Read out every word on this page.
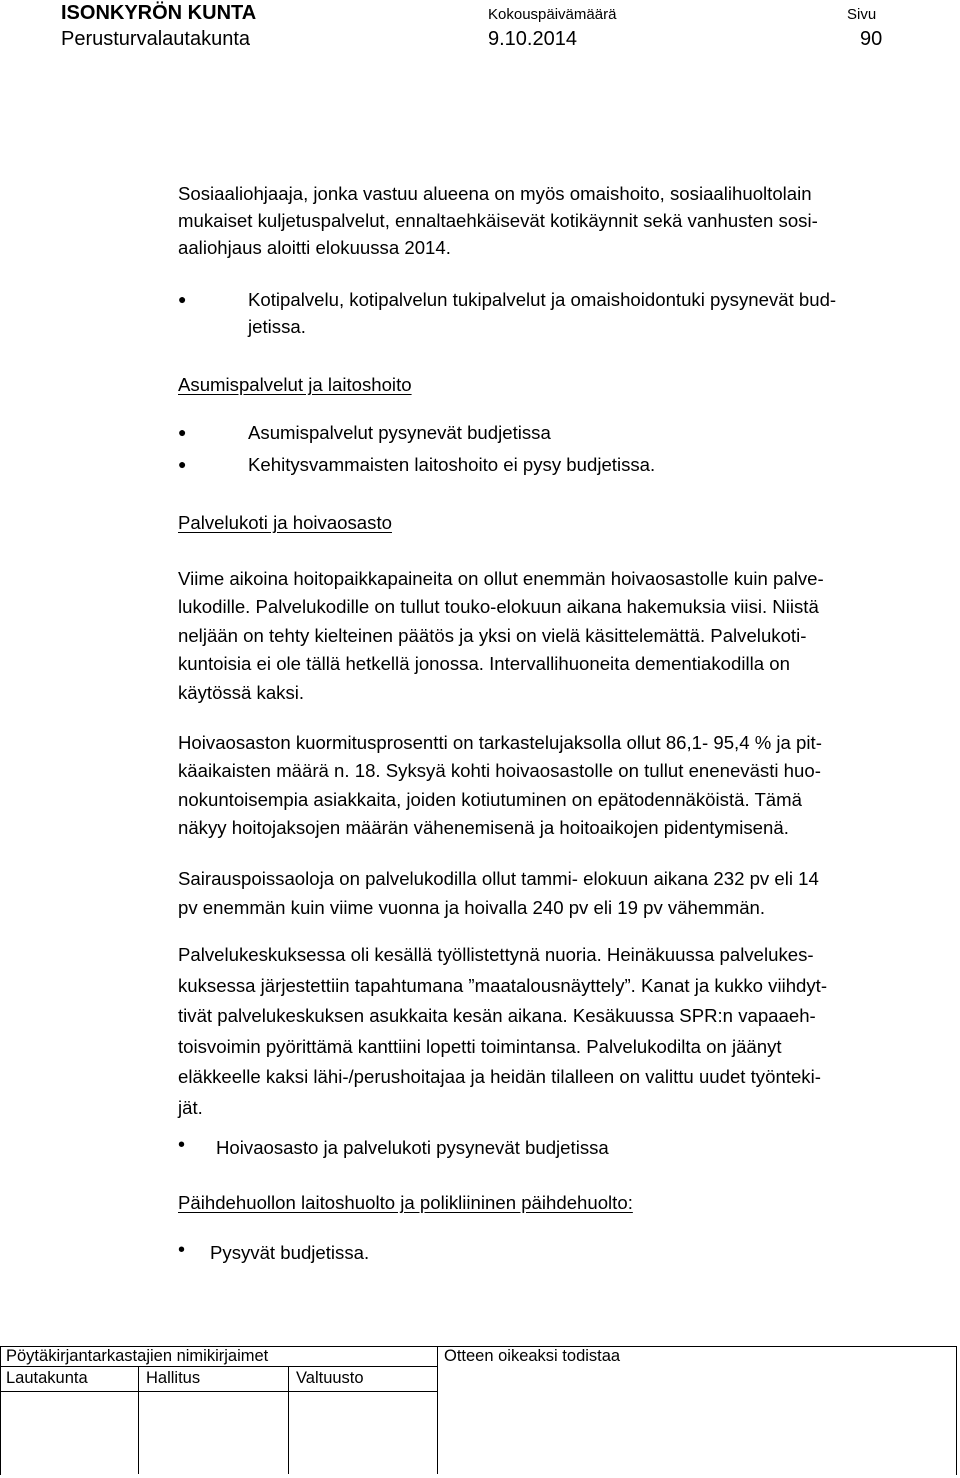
ISONKYRÖN KUNTA
Perusturvalautakunta
Kokouspäivämäärä
9.10.2014
Sivu
90
Sosiaaliohjaaja, jonka vastuu alueena on myös omaishoito, sosiaalihuoltolain
mukaiset kuljetuspalvelut, ennaltaehkäisevät kotikäynnit sekä vanhusten sosi-
aaliohjaus aloitti elokuussa 2014.
●	Kotipalvelu, kotipalvelun tukipalvelut ja omaishoidontuki pysynevät bud-
jetissa.
Asumispalvelut ja laitoshoito
●	Asumispalvelut pysynevät budjetissa
●	Kehitysvammaisten laitoshoito ei pysy budjetissa.
Palvelukoti ja hoivaosasto
Viime aikoina hoitopaikkapaineita on ollut enemmän hoivaosastolle kuin palve-
lukodille. Palvelukodille on tullut touko-elokuun aikana hakemuksia viisi. Niistä
neljään on tehty kielteinen päätös ja yksi on vielä käsittelemättä. Palvelukoti-
kuntoisia ei ole tällä hetkellä jonossa. Intervallihuoneita dementiakodilla on
käytössä kaksi.
Hoivaosaston kuormitusprosentti on tarkastelujaksolla ollut 86,1- 95,4 % ja pit-
käaikaisten määrä n. 18. Syksyä kohti hoivaosastolle on tullut enenevästi huo-
nokuntoisempia asiakkaita, joiden kotiutuminen on epätodennäköistä. Tämä
näkyy hoitojaksojen määrän vähenemisenä ja hoitoaikojen pidentymisenä.
Sairauspoissaoloja on palvelukodilla ollut tammi- elokuun aikana 232 pv eli 14
pv enemmän kuin viime vuonna ja hoivalla 240 pv eli 19 pv vähemmän.
Palvelukeskuksessa oli kesällä työllistettynä nuoria. Heinäkuussa palvelukes-
kuksessa järjestettiin tapahtumana ”maatalousnäyttely”. Kanat ja kukko viihdyt-
tivät palvelukeskuksen asukkaita kesän aikana. Kesäkuussa SPR:n vapaaeh-
toisvoimin pyörittämä kanttiini lopetti toimintansa. Palvelukodilta on jäänyt
eläkkeelle kaksi lähi-/perushoitajaa ja heidän tilalleen on valittu uudet työnteki-
jät.
• Hoivaosasto ja palvelukoti pysynevät budjetissa
Päihdehuollon laitoshuolto ja polikliininen päihdehuolto:
• Pysyvät budjetissa.
Pöytäkirjantarkastajien nimikirjaimet	Otteen oikeaksi todistaa
Lautakunta	Hallitus	Valtuusto
